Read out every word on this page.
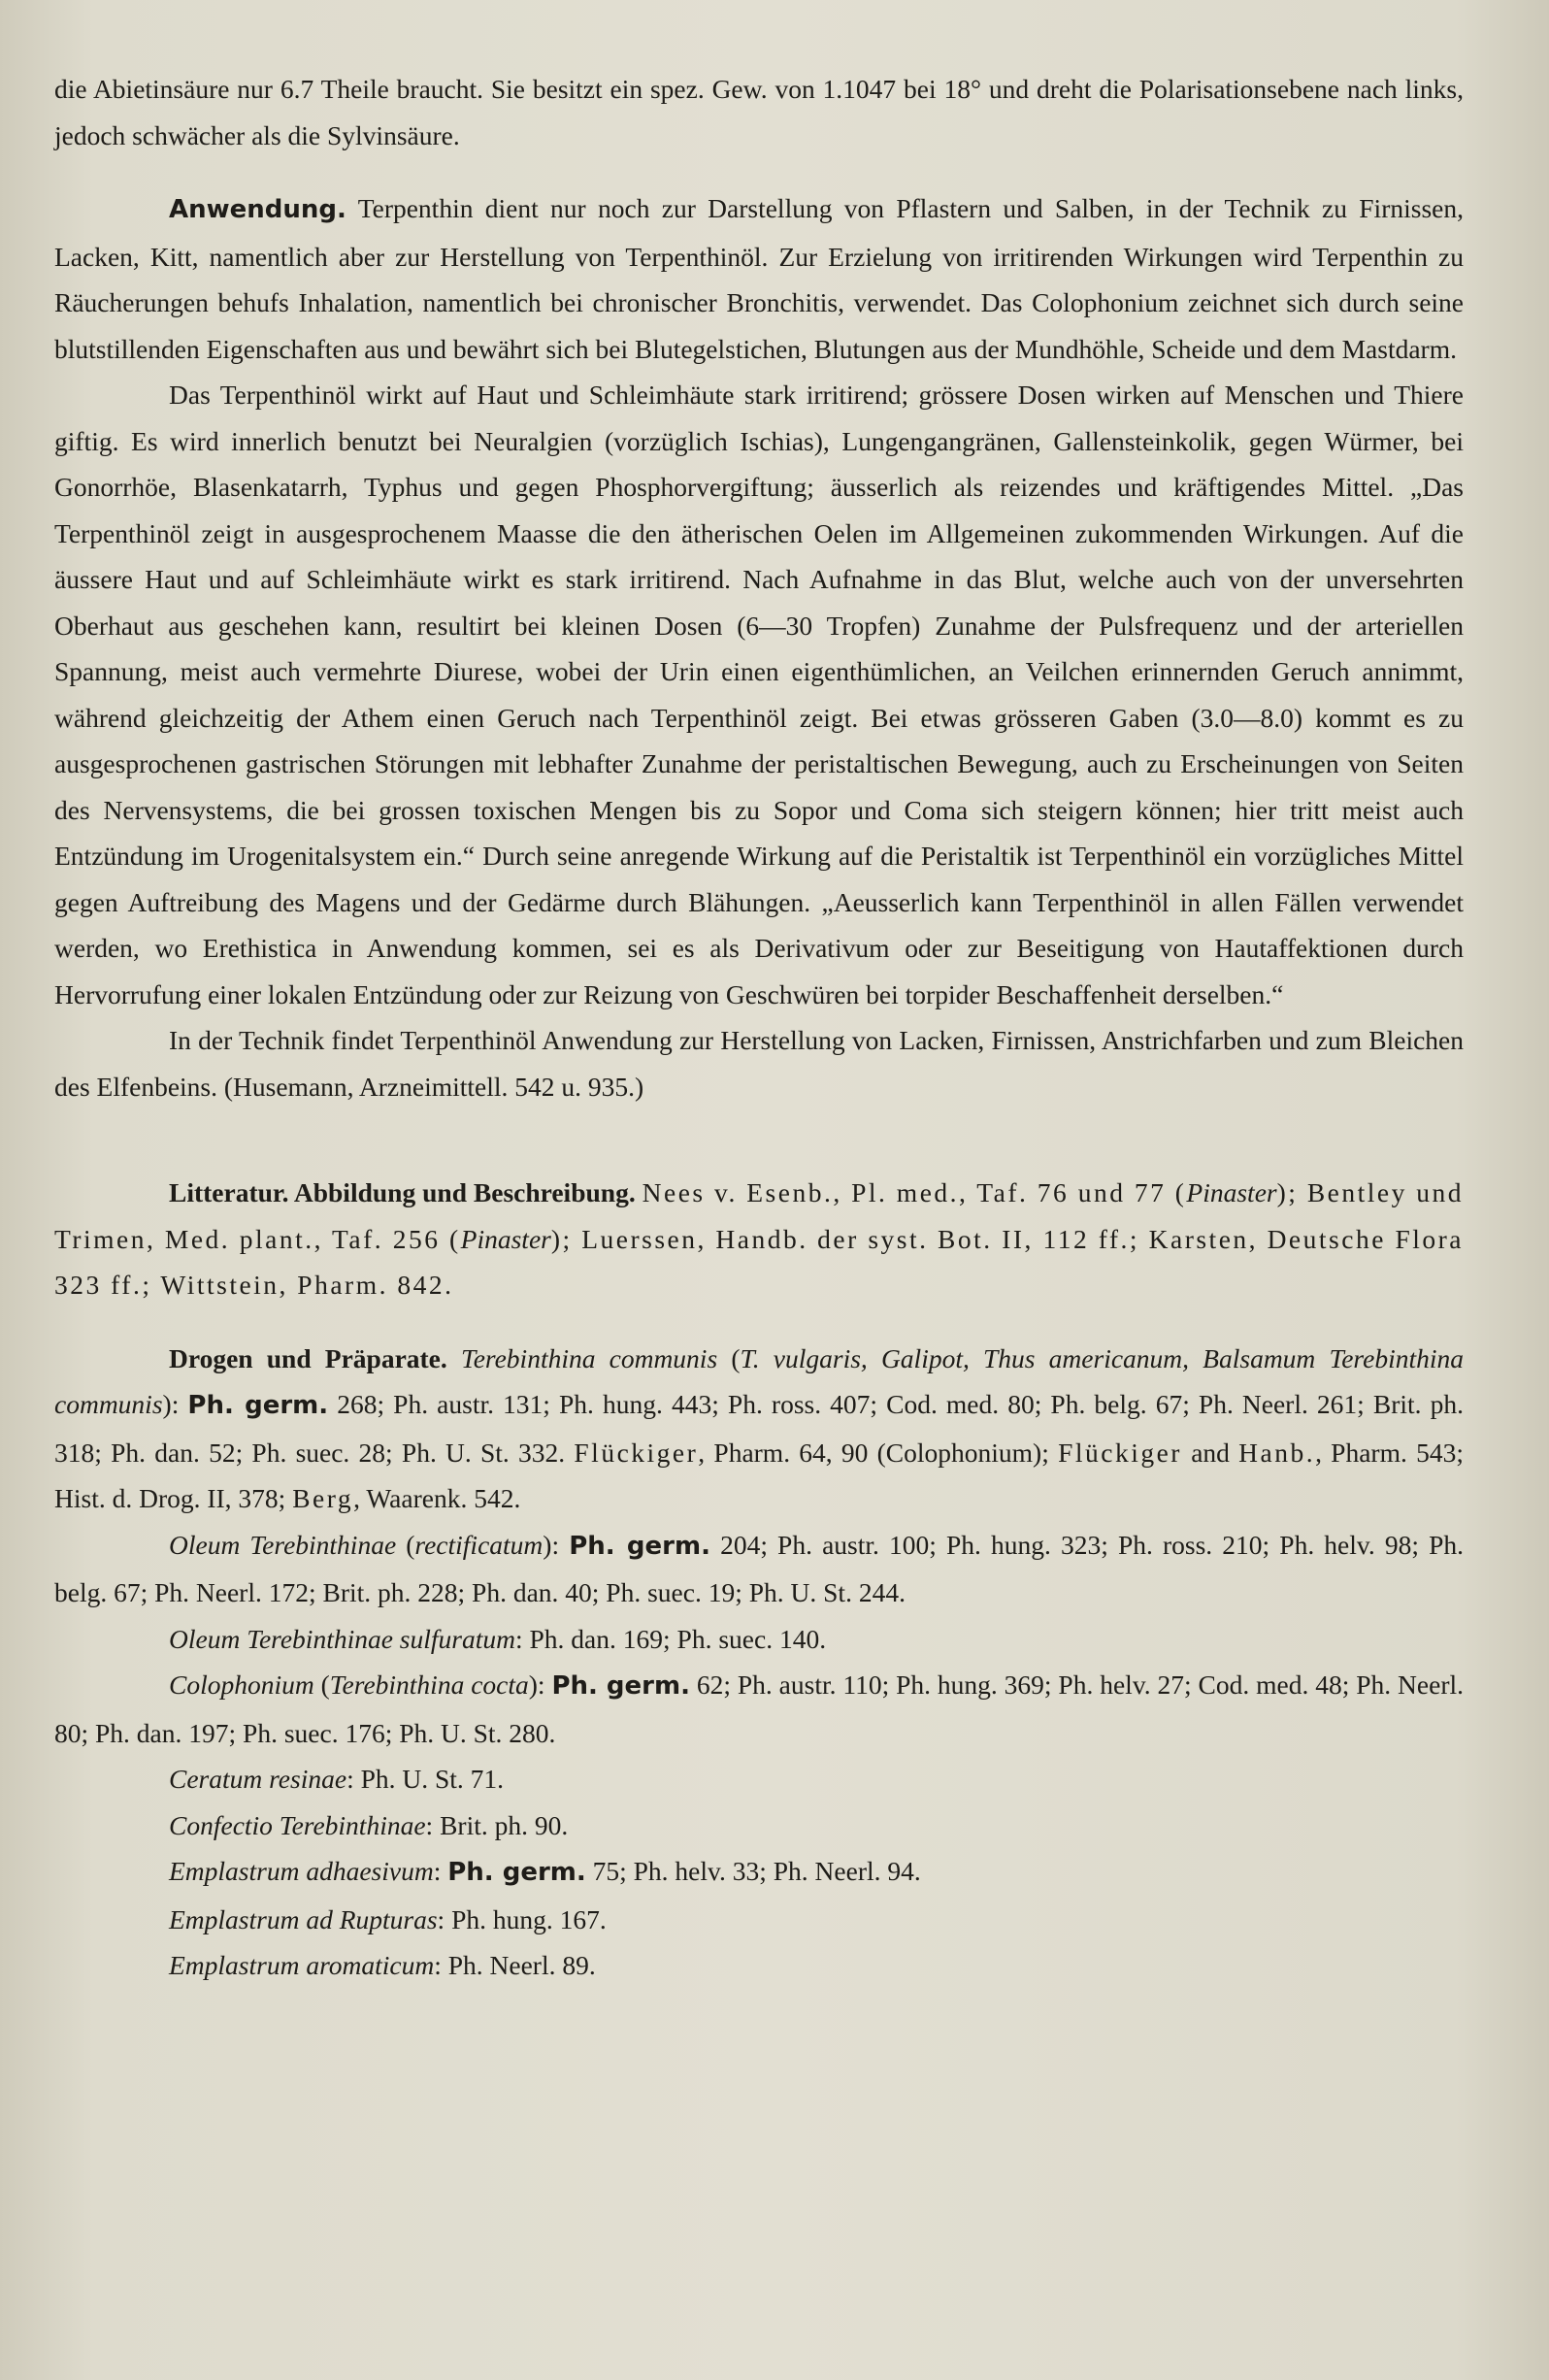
die Abietinsäure nur 6.7 Theile braucht. Sie besitzt ein spez. Gew. von 1.1047 bei 18° und dreht die Polarisationsebene nach links, jedoch schwächer als die Sylvinsäure.

Anwendung. Terpenthin dient nur noch zur Darstellung von Pflastern und Salben, in der Technik zu Firnissen, Lacken, Kitt, namentlich aber zur Herstellung von Terpenthinöl. Zur Erzielung von irritirenden Wirkungen wird Terpenthin zu Räucherungen behufs Inhalation, namentlich bei chronischer Bronchitis, verwendet. Das Colophonium zeichnet sich durch seine blutstillenden Eigenschaften aus und bewährt sich bei Blutegelstichen, Blutungen aus der Mundhöhle, Scheide und dem Mastdarm.

Das Terpenthinöl wirkt auf Haut und Schleimhäute stark irritirend; grössere Dosen wirken auf Menschen und Thiere giftig. Es wird innerlich benutzt bei Neuralgien (vorzüglich Ischias), Lungengangränen, Gallensteinkolik, gegen Würmer, bei Gonorrhöe, Blasenkatarrh, Typhus und gegen Phosphorvergiftung; äusserlich als reizendes und kräftigendes Mittel. „Das Terpenthinöl zeigt in ausgesprochenem Maasse die den ätherischen Oelen im Allgemeinen zukommenden Wirkungen. Auf die äussere Haut und auf Schleimhäute wirkt es stark irritirend. Nach Aufnahme in das Blut, welche auch von der unversehrten Oberhaut aus geschehen kann, resultirt bei kleinen Dosen (6—30 Tropfen) Zunahme der Pulsfrequenz und der arteriellen Spannung, meist auch vermehrte Diurese, wobei der Urin einen eigenthümlichen, an Veilchen erinnernden Geruch annimmt, während gleichzeitig der Athem einen Geruch nach Terpenthinöl zeigt. Bei etwas grösseren Gaben (3.0—8.0) kommt es zu ausgesprochenen gastrischen Störungen mit lebhafter Zunahme der peristaltischen Bewegung, auch zu Erscheinungen von Seiten des Nervensystems, die bei grossen toxischen Mengen bis zu Sopor und Coma sich steigern können; hier tritt meist auch Entzündung im Urogenitalsystem ein.“ Durch seine anregende Wirkung auf die Peristaltik ist Terpenthinöl ein vorzügliches Mittel gegen Auftreibung des Magens und der Gedärme durch Blähungen. „Aeusserlich kann Terpenthinöl in allen Fällen verwendet werden, wo Erethistica in Anwendung kommen, sei es als Derivativum oder zur Beseitigung von Hautaffektionen durch Hervorrufung einer lokalen Entzündung oder zur Reizung von Geschwüren bei torpider Beschaffenheit derselben.“

In der Technik findet Terpenthinöl Anwendung zur Herstellung von Lacken, Firnissen, Anstrichfarben und zum Bleichen des Elfenbeins. (Husemann, Arzneimittell. 542 u. 935.)

Litteratur. Abbildung und Beschreibung. Nees v. Esenb., Pl. med., Taf. 76 und 77 (Pinaster); Bentley und Trimen, Med. plant., Taf. 256 (Pinaster); Luerssen, Handb. der syst. Bot. II, 112 ff.; Karsten, Deutsche Flora 323 ff.; Wittstein, Pharm. 842.

Drogen und Präparate. Terebinthina communis (T. vulgaris, Galipot, Thus americanum, Balsamum Terebinthina communis): Ph. germ. 268; Ph. austr. 131; Ph. hung. 443; Ph. ross. 407; Cod. med. 80; Ph. belg. 67; Ph. Neerl. 261; Brit. ph. 318; Ph. dan. 52; Ph. suec. 28; Ph. U. St. 332. Flückiger, Pharm. 64, 90 (Colophonium); Flückiger and Hanb., Pharm. 543; Hist. d. Drog. II, 378; Berg, Waarenk. 542.

Oleum Terebinthinae (rectificatum): Ph. germ. 204; Ph. austr. 100; Ph. hung. 323; Ph. ross. 210; Ph. helv. 98; Ph. belg. 67; Ph. Neerl. 172; Brit. ph. 228; Ph. dan. 40; Ph. suec. 19; Ph. U. St. 244.

Oleum Terebinthinae sulfuratum: Ph. dan. 169; Ph. suec. 140.

Colophonium (Terebinthina cocta): Ph. germ. 62; Ph. austr. 110; Ph. hung. 369; Ph. helv. 27; Cod. med. 48; Ph. Neerl. 80; Ph. dan. 197; Ph. suec. 176; Ph. U. St. 280.

Ceratum resinae: Ph. U. St. 71.

Confectio Terebinthinae: Brit. ph. 90.

Emplastrum adhaesivum: Ph. germ. 75; Ph. helv. 33; Ph. Neerl. 94.

Emplastrum ad Rupturas: Ph. hung. 167.

Emplastrum aromaticum: Ph. Neerl. 89.
